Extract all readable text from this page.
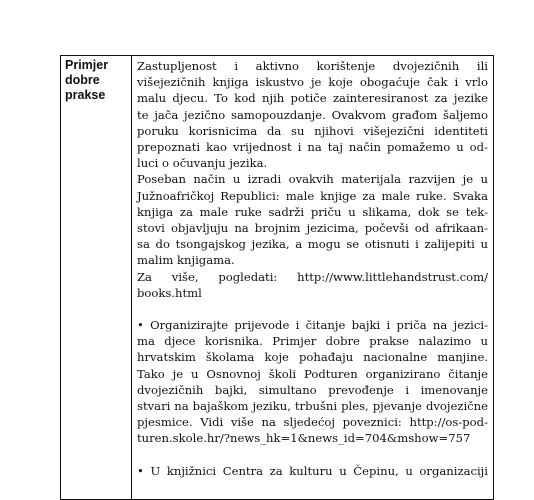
Primjer
dobre
prakse

Zastupljenost i aktivno korištenje dvojezičnih ili
višejezičnih knjiga iskustvo je koje obogaćuje čak i vrlo
malu djecu. To kod njih potiče zainteresiranost za jezike
te jača jezično samopouzdanje. Ovakvom građom šaljemo
poruku korisnicima da su njihovi višejezični identiteti
prepoznati kao vrijednost i na taj način pomažemo u od-
luci o očuvanju jezika.
Poseban način u izradi ovakvih materijala razvijen je u
Južnoafričkoj Republici: male knjige za male ruke. Svaka
knjiga za male ruke sadrži priču u slikama, dok se tek-
stovi objavljuju na brojnim jezicima, počevši od afrikaan-
sa do tsongajskog jezika, a mogu se otisnuti i zalijepiti u
malim knjigama.
Za više, pogledati: http://www.littlehandstrust.com/
books.html
• Organizirajte prijevode i čitanje bajki i priča na jezici-
ma djece korisnika. Primjer dobre prakse nalazimo u
hrvatskim školama koje pohađaju nacionalne manjine.
Tako je u Osnovnoj školi Podturen organizirano čitanje
dvojezičnih bajki, simultano prevođenje i imenovanje
stvari na bajaškom jeziku, trbušni ples, pjevanje dvojezične
pjesmice. Vidi više na sljedećoj poveznici: http://os-pod-
turen.skole.hr/?news_hk=1&news_id=704&mshow=757
• U knjižnici Centra za kulturu u Čepinu, u organizaciji
